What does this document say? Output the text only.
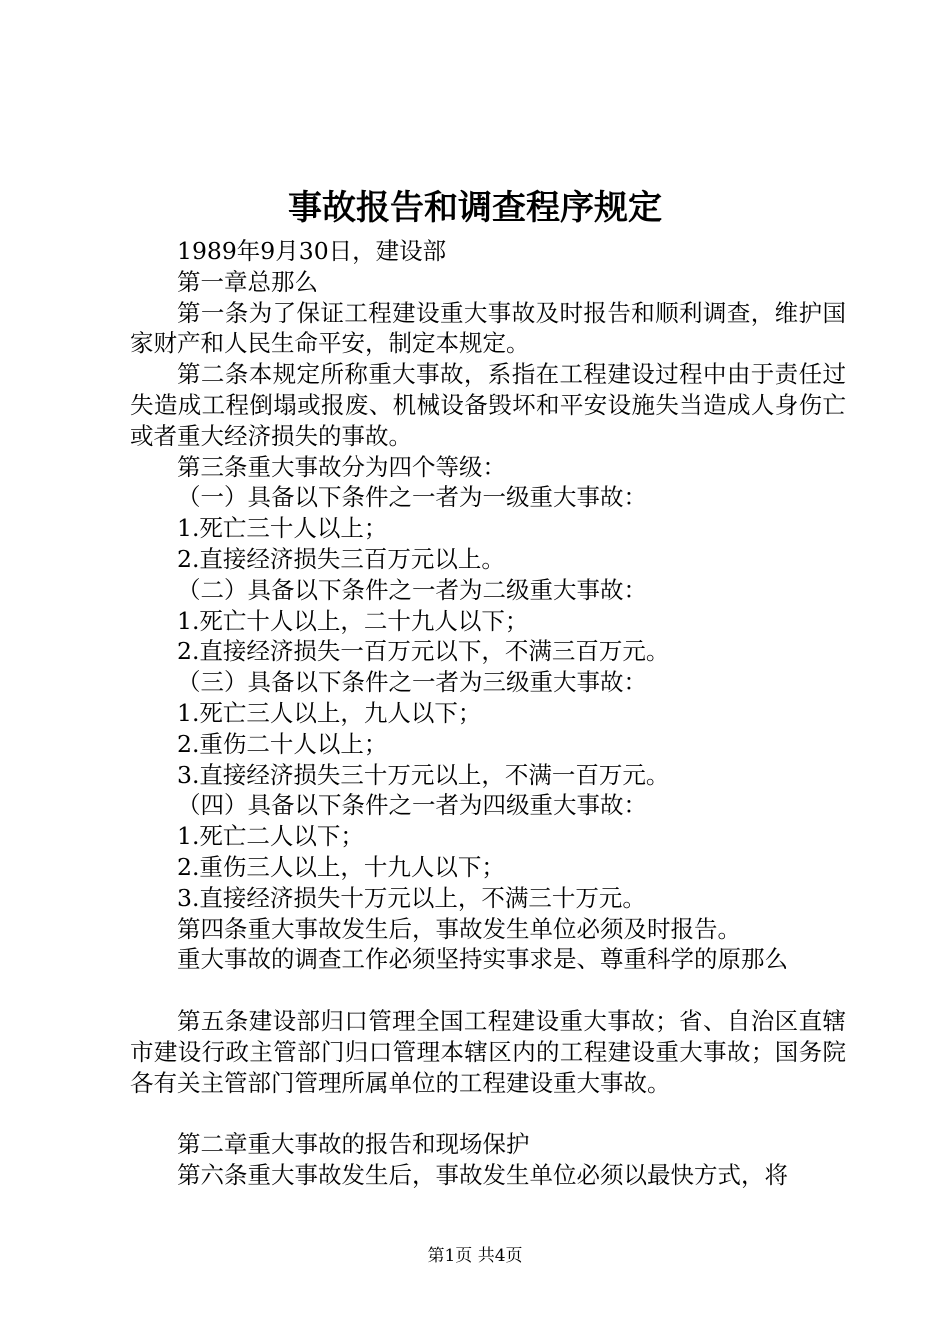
事故报告和调查程序规定

1989年9月30日，建设部

第一章总那么

第一条为了保证工程建设重大事故及时报告和顺利调查，维护国家财产和人民生命平安，制定本规定。

第二条本规定所称重大事故，系指在工程建设过程中由于责任过失造成工程倒塌或报废、机械设备毁坏和平安设施失当造成人身伤亡或者重大经济损失的事故。

第三条重大事故分为四个等级：

（一）具备以下条件之一者为一级重大事故：

1.死亡三十人以上；

2.直接经济损失三百万元以上。

（二）具备以下条件之一者为二级重大事故：

1.死亡十人以上，二十九人以下；

2.直接经济损失一百万元以下，不满三百万元。

（三）具备以下条件之一者为三级重大事故：

1.死亡三人以上，九人以下；

2.重伤二十人以上；

3.直接经济损失三十万元以上，不满一百万元。

（四）具备以下条件之一者为四级重大事故：

1.死亡二人以下；

2.重伤三人以上，十九人以下；

3.直接经济损失十万元以上，不满三十万元。

第四条重大事故发生后，事故发生单位必须及时报告。

重大事故的调查工作必须坚持实事求是、尊重科学的原那么

第五条建设部归口管理全国工程建设重大事故；省、自治区直辖市建设行政主管部门归口管理本辖区内的工程建设重大事故；国务院各有关主管部门管理所属单位的工程建设重大事故。

第二章重大事故的报告和现场保护

第六条重大事故发生后，事故发生单位必须以最快方式，将

第1页 共4页
